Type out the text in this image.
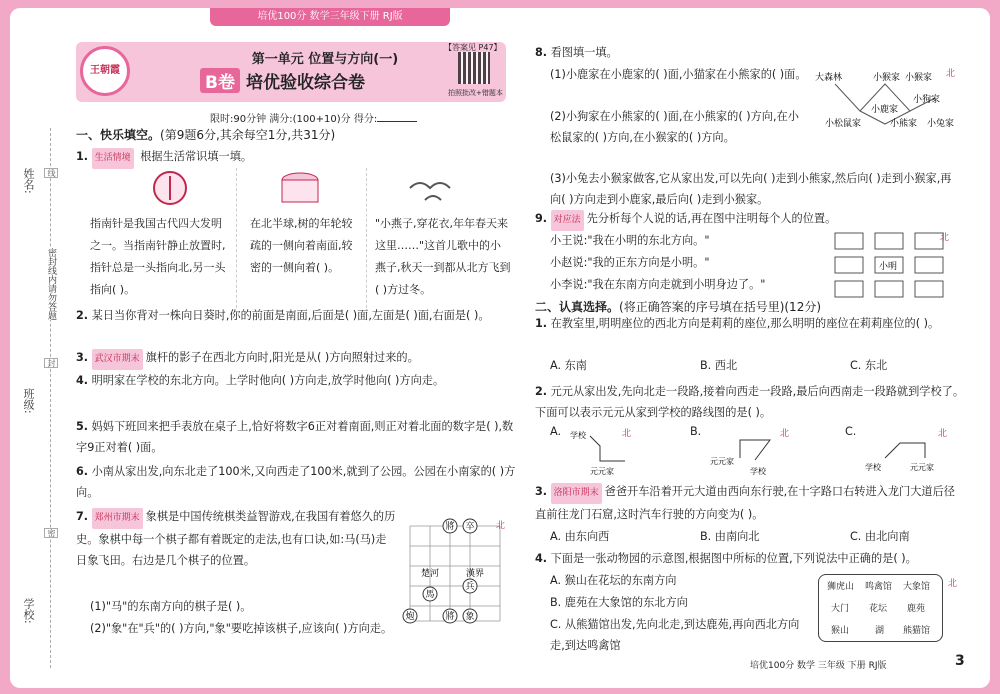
培优100分 数学三年级下册 RJ版
姓名:
班级:
学校:
线
密封线内请勿答题
封
密
王朝霞
【答案见 P47】
第一单元 位置与方向(一)
B卷 培优验收综合卷	拍照批改+错题本
限时:90分钟 满分:(100+10)分 得分:
一、快乐填空。(第9题6分,其余每空1分,共31分)
1. 生活情境 根据生活常识填一填。
指南针是我国古代四大发明之一。当指南针静止放置时,指针总是一头指向北,另一头指向( )。
在北半球,树的年轮较疏的一侧向着南面,较密的一侧向着( )。
"小燕子,穿花衣,年年春天来这里……"这首儿歌中的小燕子,秋天一到都从北方飞到( )方过冬。
2. 某日当你背对一株向日葵时,你的前面是南面,后面是( )面,左面是( )面,右面是( )。
3. 武汉市期末 旗杆的影子在西北方向时,阳光是从( )方向照射过来的。
4. 明明家在学校的东北方向。上学时他向( )方向走,放学时他向( )方向走。
5. 妈妈下班回来把手表放在桌子上,恰好将数字6正对着南面,则正对着北面的数字是( ),数字9正对着( )面。
6. 小南从家出发,向东北走了100米,又向西走了100米,就到了公园。公园在小南家的( )方向。
7. 郑州市期末 象棋是中国传统棋类益智游戏,在我国有着悠久的历史。象棋中每一个棋子都有着既定的走法,也有口诀,如:马(马)走日象飞田。右边是几个棋子的位置。
(1)"马"的东南方向的棋子是( )。
(2)"象"在"兵"的( )方向,"象"要吃掉该棋子,应该向( )方向走。
將 卒
楚河	漢界
馬
兵
炮	將 象
北
8. 看图填一填。
(1)小鹿家在小鹿家的( )面,小猫家在小熊家的( )面。
(2)小狗家在小熊家的( )面,在小熊家的( )方向,在小松鼠家的( )方向,在小猴家的( )方向。
(3)小兔去小猴家做客,它从家出发,可以先向( )走到小熊家,然后向( )走到小猴家,再向( )方向走到小鹿家,最后向( )走到小猴家。
大森林	小猴家 小猴家
小狗家
小鹿家
小松鼠家	小熊家 小兔家
北
9. 对应法 先分析每个人说的话,再在图中注明每个人的位置。
小王说:"我在小明的东北方向。"
小赵说:"我的正东方向是小明。"
小李说:"我在东南方向走就到小明身边了。"
小明
北
二、认真选择。(将正确答案的序号填在括号里)(12分)
1. 在教室里,明明座位的西北方向是莉莉的座位,那么明明的座位在莉莉座位的( )。
A. 东南	B. 西北	C. 东北
2. 元元从家出发,先向北走一段路,接着向西走一段路,最后向西南走一段路就到学校了。下面可以表示元元从家到学校的路线图的是( )。
A.	B.	C.
学校
元元家
元元家
学校	学校	元元家
北	北	北
3. 洛阳市期末 爸爸开车沿着开元大道由西向东行驶,在十字路口右转进入龙门大道后径直前往龙门石窟,这时汽车行驶的方向变为( )。
A. 由东向西	B. 由南向北	C. 由北向南
4. 下面是一张动物园的示意图,根据图中所标的位置,下列说法中正确的是( )。
A. 猴山在花坛的东南方向
B. 鹿苑在大象馆的东北方向
C. 从熊猫馆出发,先向北走,到达鹿苑,再向西北方向走,到达鸣禽馆
狮虎山 鸣禽馆 大象馆
大门 花坛 鹿苑
猴山	湖 熊猫馆
北
培优100分 数学 三年级 下册 RJ版	3
